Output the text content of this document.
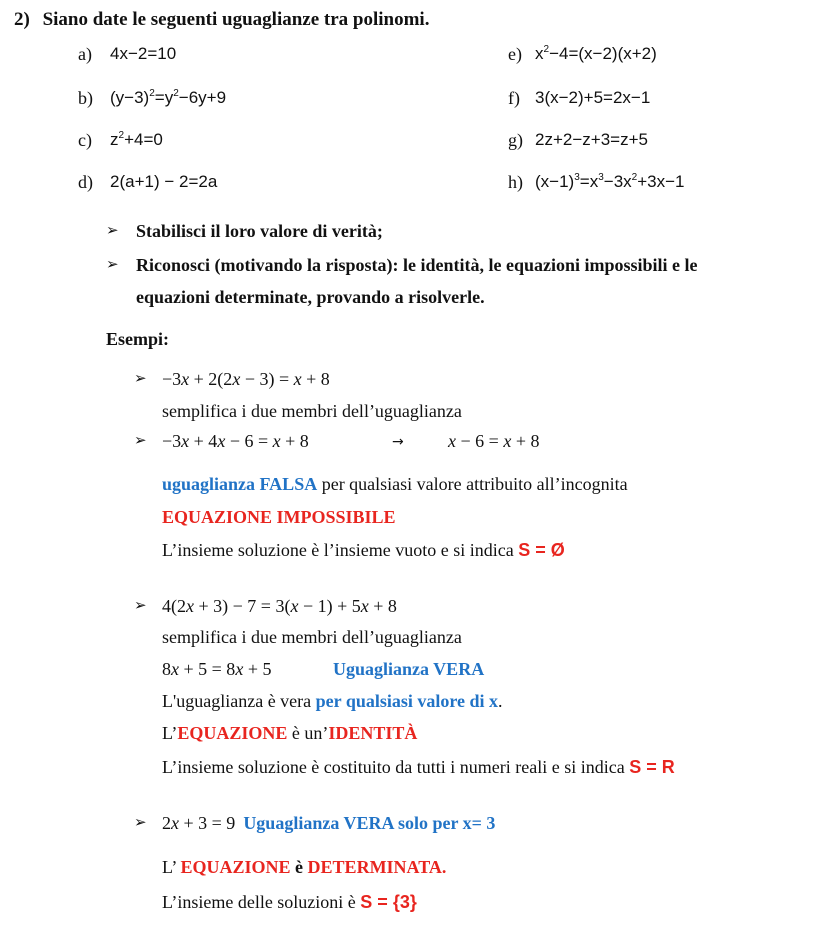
2) Siano date le seguenti uguaglianze tra polinomi.
a) 4x−2=10
b) $(y-3)^2=y^2-6y+9$
c) $z^2+4=0$
d) 2(a+1) − 2=2a
e) $x^2-4=(x-2)(x+2)$
f) 3(x−2)+5=2x−1
g) 2z+2−z+3=z+5
h) $(x-1)^3=x^3-3x^2+3x-1$
➢ Stabilisci il loro valore di verità;
➢ Riconosci (motivando la risposta): le identità, le equazioni impossibili e le
equazioni determinate, provando a risolverle.
Esempi:
➢ −3x + 2(2x − 3) = x + 8
semplifica i due membri dell’uguaglianza
➢ −3x + 4x − 6 = x + 8	→ x − 6 = x + 8
uguaglianza FALSA per qualsiasi valore attribuito all’incognita
EQUAZIONE IMPOSSIBILE
L’insieme soluzione è l’insieme vuoto e si indica S = Ø
➢ 4(2x + 3) − 7 = 3(x − 1) + 5x + 8
semplifica i due membri dell’uguaglianza
8x + 5 = 8x + 5	Uguaglianza VERA
L'uguaglianza è vera per qualsiasi valore di x.
L’EQUAZIONE è un’IDENTITÀ
L’insieme soluzione è costituito da tutti i numeri reali e si indica S = R
➢ 2x + 3 = 9 Uguaglianza VERA solo per x= 3
L’ EQUAZIONE è DETERMINATA.
L’insieme delle soluzioni è S = {3}
